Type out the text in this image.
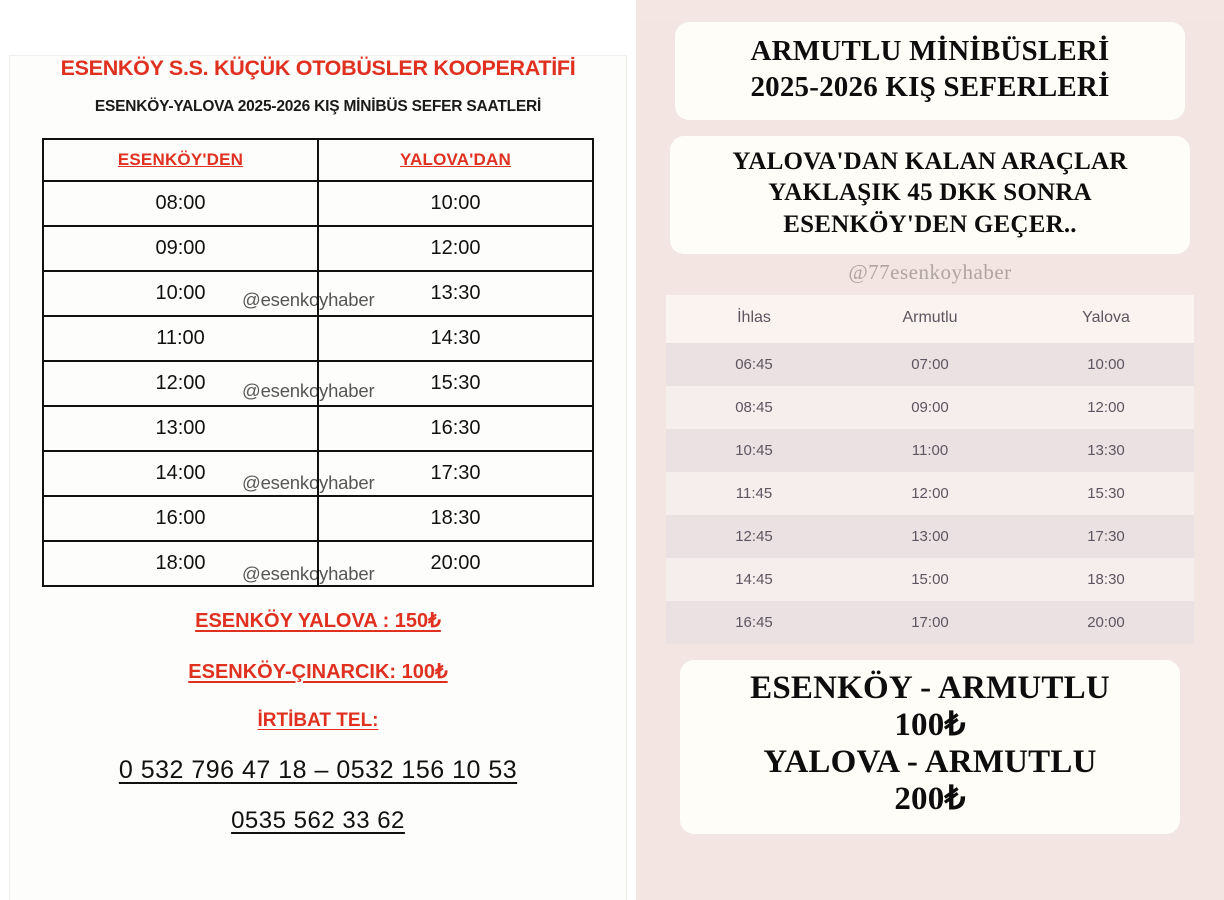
ESENKÖY S.S. KÜÇÜK OTOBÜSLER KOOPERATİFİ
ESENKÖY-YALOVA 2025-2026 KIŞ MİNİBÜS SEFER SAATLERİ
ESENKÖY'DEN	YALOVA'DAN

08:00	10:00

09:00	12:00

10:00	13:30

11:00	14:30

12:00	15:30

13:00	16:30

14:00	17:30

16:00	18:30

18:00	20:00
ESENKÖY YALOVA : 150₺
ESENKÖY-ÇINARCIK: 100₺
İRTİBAT TEL:
0 532 796 47 18 – 0532 156 10 53
0535 562 33 62
@esenkoyhaber
@esenkoyhaber
@esenkoyhaber
@esenkoyhaber
ARMUTLU MİNİBÜSLERİ
2025-2026 KIŞ SEFERLERİ
YALOVA'DAN KALAN ARAÇLAR
YAKLAŞIK 45 DKK SONRA
ESENKÖY'DEN GEÇER..
@77esenkoyhaber
İhlas	Armutlu	Yalova
06:45	07:00	10:00
08:45	09:00	12:00
10:45	11:00	13:30
11:45	12:00	15:30
12:45	13:00	17:30
14:45	15:00	18:30
16:45	17:00	20:00
ESENKÖY - ARMUTLU
100₺
YALOVA - ARMUTLU
200₺
